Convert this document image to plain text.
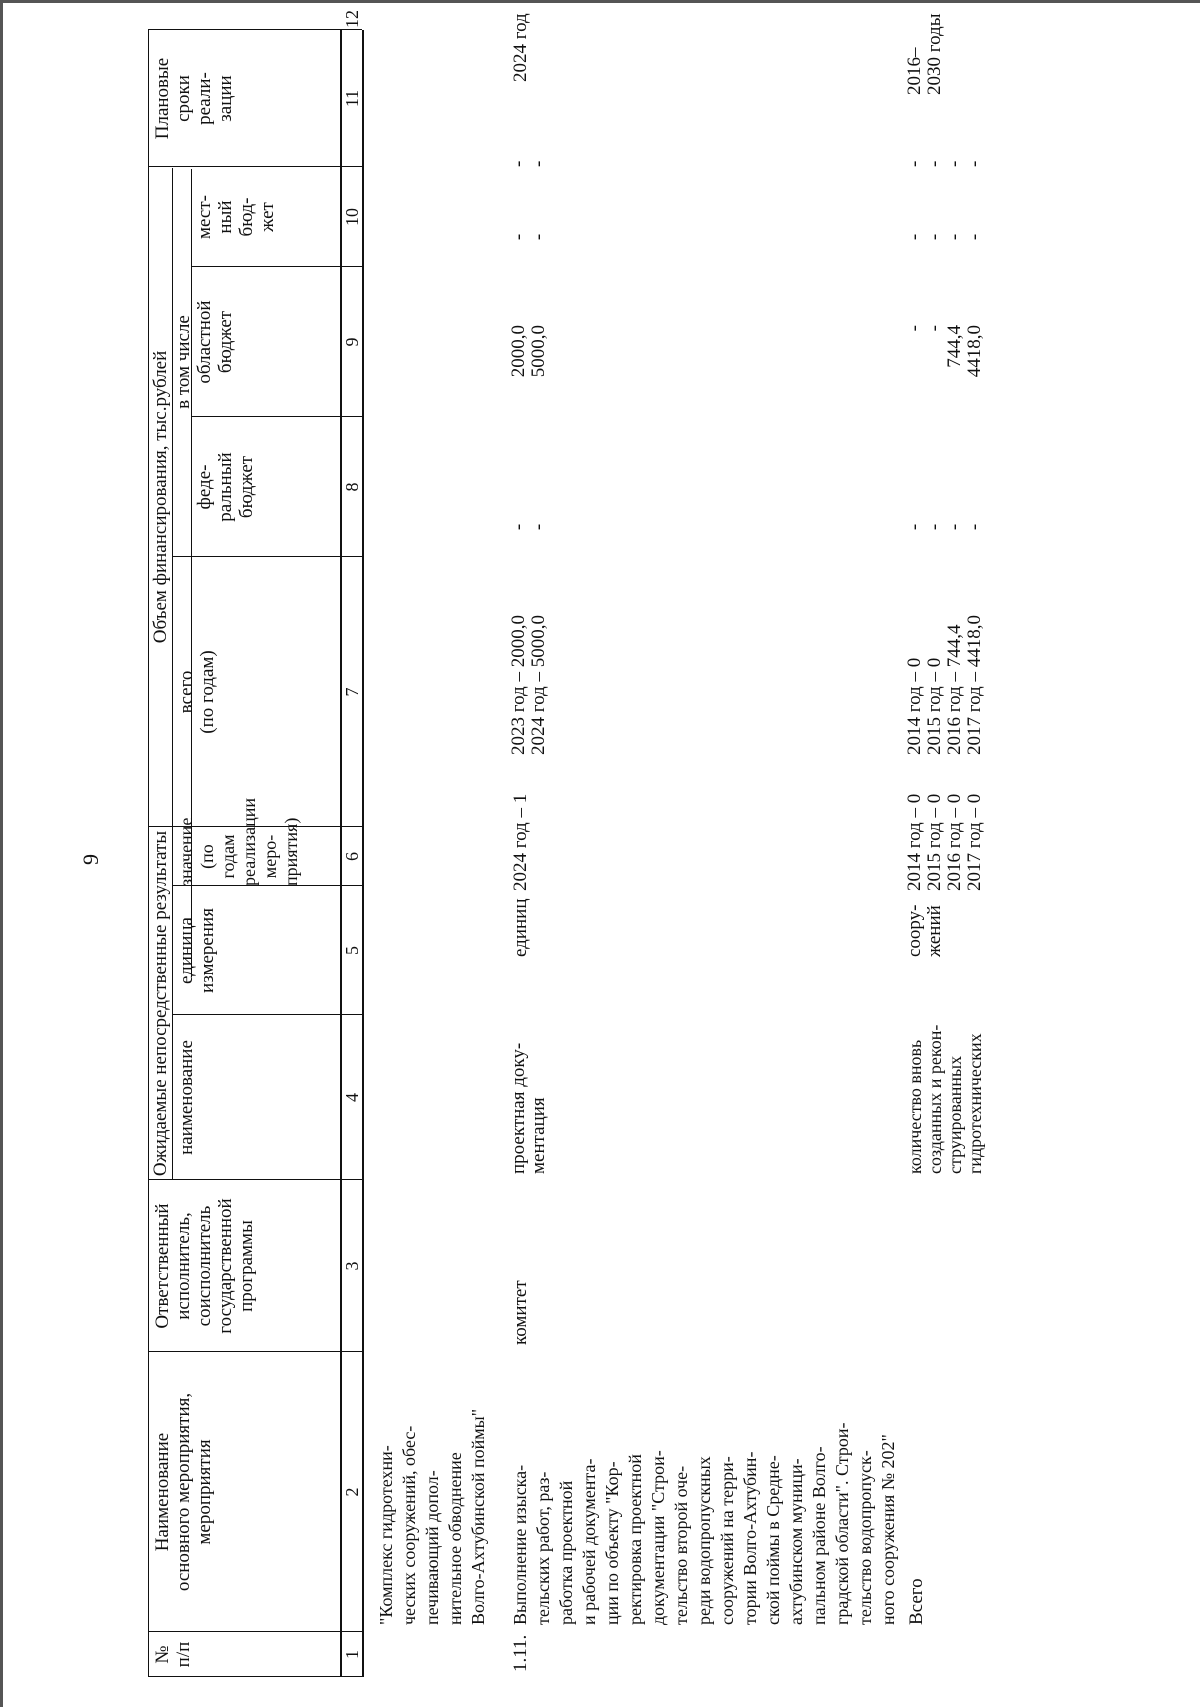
9
№ п/п
Наименование
основного мероприятия,
мероприятия
Ответственный
исполнитель,
соисполнитель
государственной
программы
Ожидаемые непосредственные результаты наименование
единица
измерения
значение
(по годам
реализации
меро-
приятия)
Объем финансирования, тыс.рублей
всего
(по годам)
в том числе
феде-
ральный
бюджет
областной
бюджет
мест-
ный
бюд-
жет
Плановые
сроки
реали-
зации
1
2
3
4
5
6
7
8
9
10
11
12
"Комплекс гидротехни-
ческих сооружений, обес-
печивающий допол-
нительное обводнение
Волго-Ахтубинской поймы"
1.11.
Выполнение изыска-
тельских работ, раз-
работка проектной
и рабочей документа-
ции по объекту "Кор-
ректировка проектной
документации "Строи-
тельство второй оче-
реди водопропускных
сооружений на терри-
тории Волго-Ахтубин-
ской поймы в Средне-
ахтубинском муници-
пальном районе Волго-
градской области". Строи-
тельство водопропуск-
ного сооружения № 202"
комитет
проектная доку-
ментация
единиц
2024 год – 1
2023 год – 2000,0
2024 год – 5000,0
-
-
2000,0
5000,0
-
-
-
-
2024 год
Всего
количество вновь
созданных и рекон-
струированных
гидротехнических
соору-
жений
2014 год – 0
2015 год – 0
2016 год – 0
2017 год – 0
2014 год – 0
2015 год – 0
2016 год – 744,4
2017 год – 4418,0
-
-
-
-
-
-
744,4
4418,0
-
-
-
-
-
-
-
-
2016–
2030 годы
